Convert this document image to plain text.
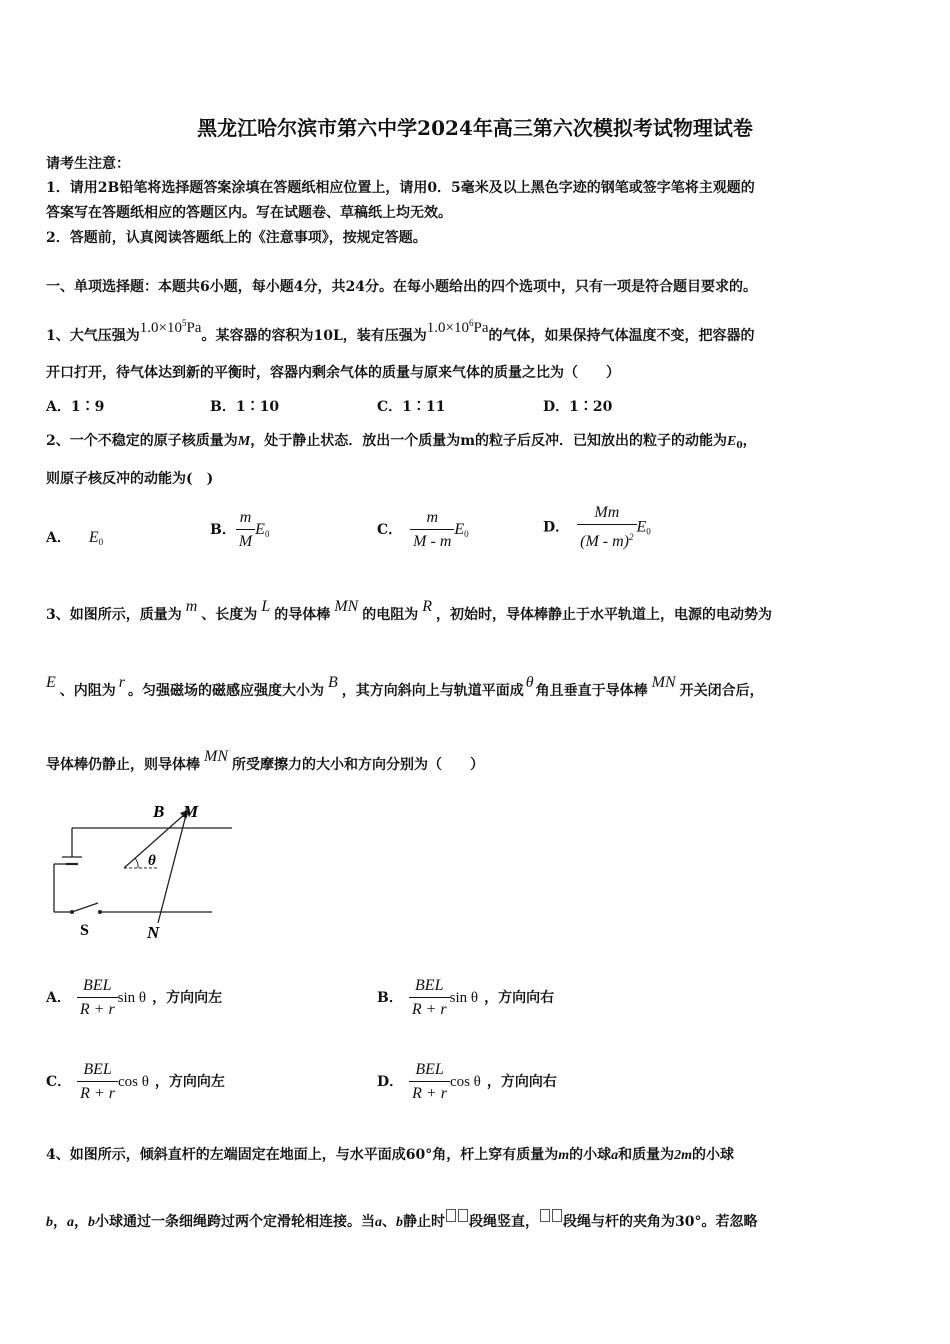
黑龙江哈尔滨市第六中学2024年高三第六次模拟考试物理试卷
请考生注意：
1．请用2B铅笔将选择题答案涂填在答题纸相应位置上，请用0．5毫米及以上黑色字迹的钢笔或签字笔将主观题的
答案写在答题纸相应的答题区内。写在试题卷、草稿纸上均无效。
2．答题前，认真阅读答题纸上的《注意事项》，按规定答题。
一、单项选择题：本题共6小题，每小题4分，共24分。在每小题给出的四个选项中，只有一项是符合题目要求的。
1、大气压强为$1.0\times 10^5Pa$。某容器的容积为10L，装有压强为$1.0\times 10^6Pa$的气体，如果保持气体温度不变，把容器的
开口打开，待气体达到新的平衡时，容器内剩余气体的质量与原来气体的质量之比为（　　）
A．1∶9	B．1∶10	C．1∶11	D．1∶20
2、一个不稳定的原子核质量为M，处于静止状态．放出一个质量为m的粒子后反冲．已知放出的粒子的动能为$E_0$，
则原子核反冲的动能为(　)
A． $E_0$
B． $\frac{m}{M} E_0$	C． $\frac{m}{M - m} E_0$	D． $\frac{Mm}{(M - m)^2} E_0$
3、如图所示，质量为 m 、长度为 L 的导体棒 MN 的电阻为 R ，初始时，导体棒静止于水平轨道上，电源的电动势为
E 、内阻为 r 。匀强磁场的磁感应强度大小为 B ，其方向斜向上与轨道平面成 θ 角且垂直于导体棒 MN 开关闭合后，
导体棒仍静止，则导体棒 MN 所受摩擦力的大小和方向分别为（　　）
B M
θ
S	N
A． $\frac{\text{BEL}}{R + r}$ sin θ ，方向向左	B． $\frac{\text{BEL}}{R + r}$ sin θ ，方向向右
C． $\frac{\text{BEL}}{R + r}$ cos θ ，方向向左	D． $\frac{\text{BEL}}{R + r}$ cos θ ，方向向右
4、如图所示，倾斜直杆的左端固定在地面上，与水平面成60°角，杆上穿有质量为m的小球a和质量为2m的小球
b，a，b小球通过一条细绳跨过两个定滑轮相连接。当a、b静止时 段绳竖直， 段绳与杆的夹角为30°。若忽略
